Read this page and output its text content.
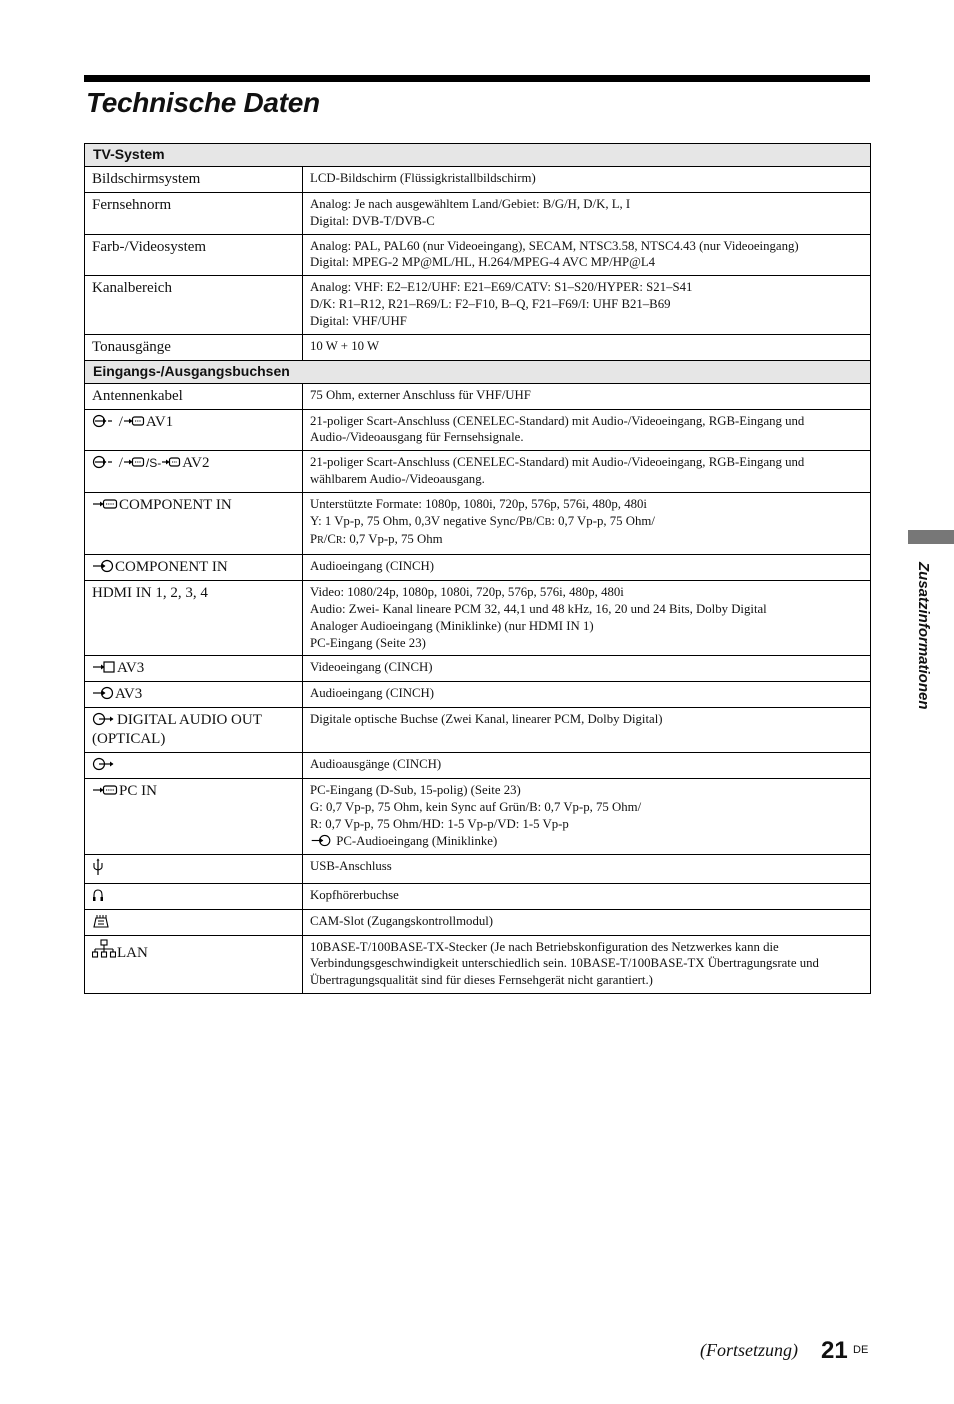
Technische Daten
TV-System	
Bildschirmsystem	LCD-Bildschirm (Flüssigkristallbildschirm)

Fernsehnorm	Analog: Je nach ausgewähltem Land/Gebiet: B/G/H, D/K, L, I
Digital: DVB-T/DVB-C

Farb-/Videosystem	Analog: PAL, PAL60 (nur Videoeingang), SECAM, NTSC3.58, NTSC4.43 (nur Videoeingang)
Digital: MPEG-2 MP@ML/HL, H.264/MPEG-4 AVC MP/HP@L4

Kanalbereich	Analog: VHF: E2–E12/UHF: E21–E69/CATV: S1–S20/HYPER: S21–S41
D/K: R1–R12, R21–R69/L: F2–F10, B–Q, F21–F69/I: UHF B21–B69
Digital: VHF/UHF

Tonausgänge	10 W + 10 W

Eingangs-/Ausgangsbuchsen	
Antennenkabel	75 Ohm, externer Anschluss für VHF/UHF

/ AV1	21-poliger Scart-Anschluss (CENELEC-Standard) mit Audio-/Videoeingang, RGB-Eingang und
Audio-/Videoausgang für Fernsehsignale.

/ /S- AV2	21-poliger Scart-Anschluss (CENELEC-Standard) mit Audio-/Videoeingang, RGB-Eingang und
wählbarem Audio-/Videoausgang.

COMPONENT IN	Unterstützte Formate: 1080p, 1080i, 720p, 576p, 576i, 480p, 480i
Y: 1 Vp-p, 75 Ohm, 0,3V negative Sync/PB/CB: 0,7 Vp-p, 75 Ohm/
PR/CR: 0,7 Vp-p, 75 Ohm

COMPONENT IN	Audioeingang (CINCH)
HDMI IN 1, 2, 3, 4	Video: 1080/24p, 1080p, 1080i, 720p, 576p, 576i, 480p, 480i
Audio: Zwei- Kanal lineare PCM 32, 44,1 und 48 kHz, 16, 20 und 24 Bits, Dolby Digital
Analoger Audioeingang (Miniklinke) (nur HDMI IN 1)
PC-Eingang (Seite 23)

AV3	Videoeingang (CINCH)

AV3	Audioeingang (CINCH)

DIGITAL AUDIO OUT (OPTICAL)	Digitale optische Buchse (Zwei Kanal, linearer PCM, Dolby Digital)

	Audioausgänge (CINCH)

PC IN	PC-Eingang (D-Sub, 15-polig) (Seite 23)
G: 0,7 Vp-p, 75 Ohm, kein Sync auf Grün/B: 0,7 Vp-p, 75 Ohm/
R: 0,7 Vp-p, 75 Ohm/HD: 1-5 Vp-p/VD: 1-5 Vp-p
PC-Audioeingang (Miniklinke)

	USB-Anschluss

	Kopfhörerbuchse

	CAM-Slot (Zugangskontrollmodul)

LAN	10BASE-T/100BASE-TX-Stecker (Je nach Betriebskonfiguration des Netzwerkes kann die
Verbindungsgeschwindigkeit unterschiedlich sein. 10BASE-T/100BASE-TX Übertragungsrate und
Übertragungsqualität sind für dieses Fernsehgerät nicht garantiert.)
Zusatzinformationen
(Fortsetzung) 21 DE
